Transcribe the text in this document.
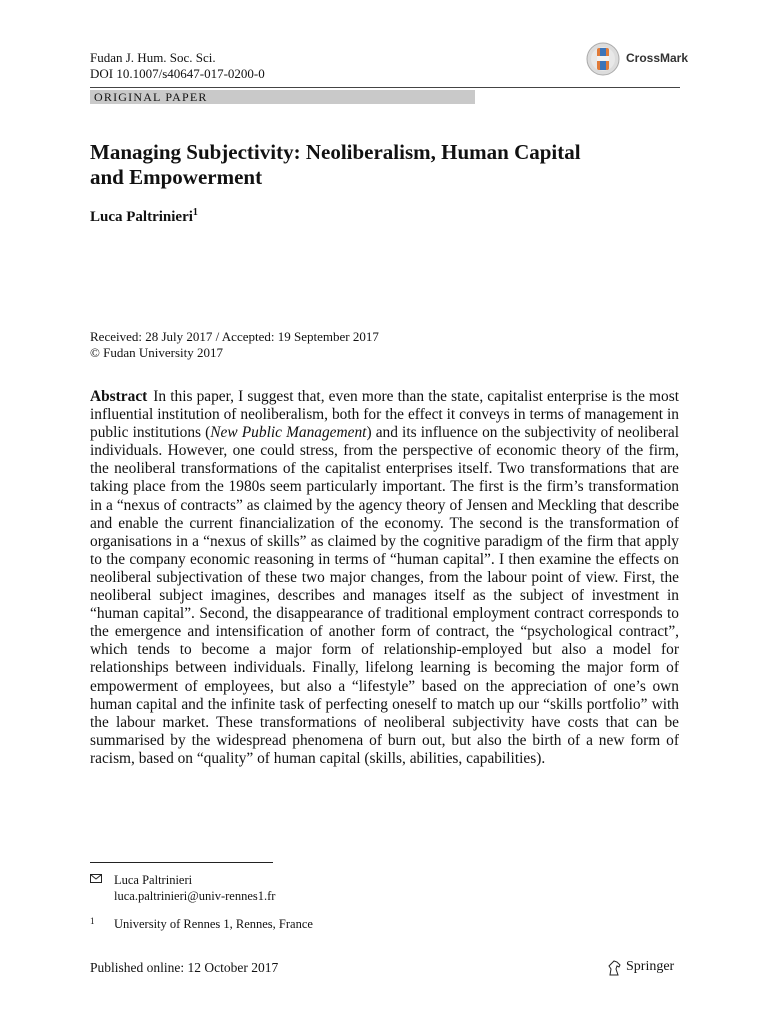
Fudan J. Hum. Soc. Sci.
DOI 10.1007/s40647-017-0200-0
CrossMark
ORIGINAL PAPER
Managing Subjectivity: Neoliberalism, Human Capital
and Empowerment
Luca Paltrinieri$^1$
Received: 28 July 2017 / Accepted: 19 September 2017
© Fudan University 2017
Abstract In this paper, I suggest that, even more than the state, capitalist enterprise is the most influential institution of neoliberalism, both for the effect it conveys in terms of management in public institutions (New Public Management) and its influence on the subjectivity of neoliberal individuals. However, one could stress, from the perspective of economic theory of the firm, the neoliberal transformations of the capitalist enterprises itself. Two transformations that are taking place from the 1980s seem particularly important. The first is the firm’s transformation in a “nexus of contracts” as claimed by the agency theory of Jensen and Meckling that describe and enable the current financialization of the economy. The second is the transformation of organisations in a “nexus of skills” as claimed by the cognitive paradigm of the firm that apply to the company economic reasoning in terms of “human capital”. I then examine the effects on neoliberal subjectivation of these two major changes, from the labour point of view. First, the neoliberal subject imagines, describes and manages itself as the subject of investment in “human capital”. Second, the disappearance of traditional employment contract corresponds to the emergence and intensification of another form of contract, the “psychological contract”, which tends to become a major form of relationship-employed but also a model for relationships between individuals. Finally, lifelong learning is becoming the major form of empowerment of employees, but also a “lifestyle” based on the appreciation of one’s own human capital and the infinite task of perfecting oneself to match up our “skills portfolio” with the labour market. These transformations of neoliberal subjectivity have costs that can be summarised by the widespread phenomena of burn out, but also the birth of a new form of racism, based on “quality” of human capital (skills, abilities, capabilities).
Luca Paltrinieri
luca.paltrinieri@univ-rennes1.fr
1 University of Rennes 1, Rennes, France
Published online: 12 October 2017	Springer
